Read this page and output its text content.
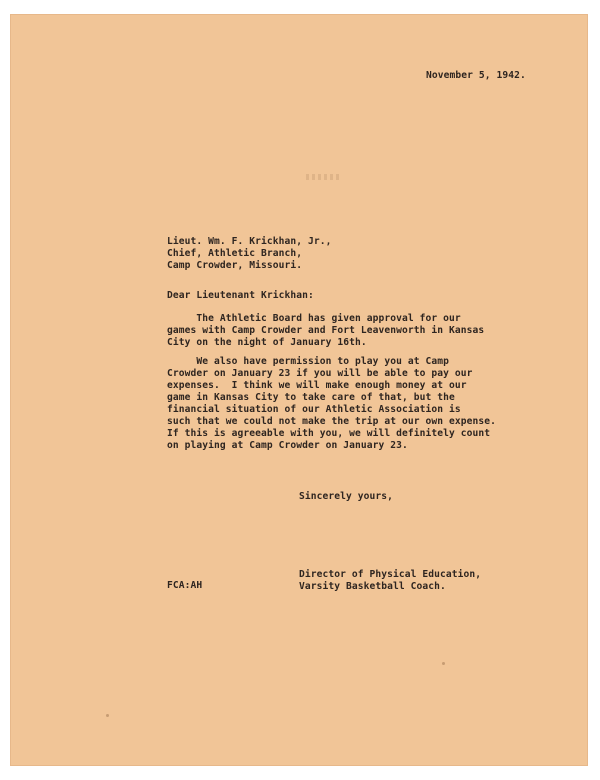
November 5, 1942.
Lieut. Wm. F. Krickhan, Jr.,
Chief, Athletic Branch,
Camp Crowder, Missouri.
Dear Lieutenant Krickhan:
The Athletic Board has given approval for our
games with Camp Crowder and Fort Leavenworth in Kansas
City on the night of January 16th.
We also have permission to play you at Camp
Crowder on January 23 if you will be able to pay our
expenses.  I think we will make enough money at our
game in Kansas City to take care of that, but the
financial situation of our Athletic Association is
such that we could not make the trip at our own expense.
If this is agreeable with you, we will definitely count
on playing at Camp Crowder on January 23.
Sincerely yours,
Director of Physical Education,
Varsity Basketball Coach.
FCA:AH
